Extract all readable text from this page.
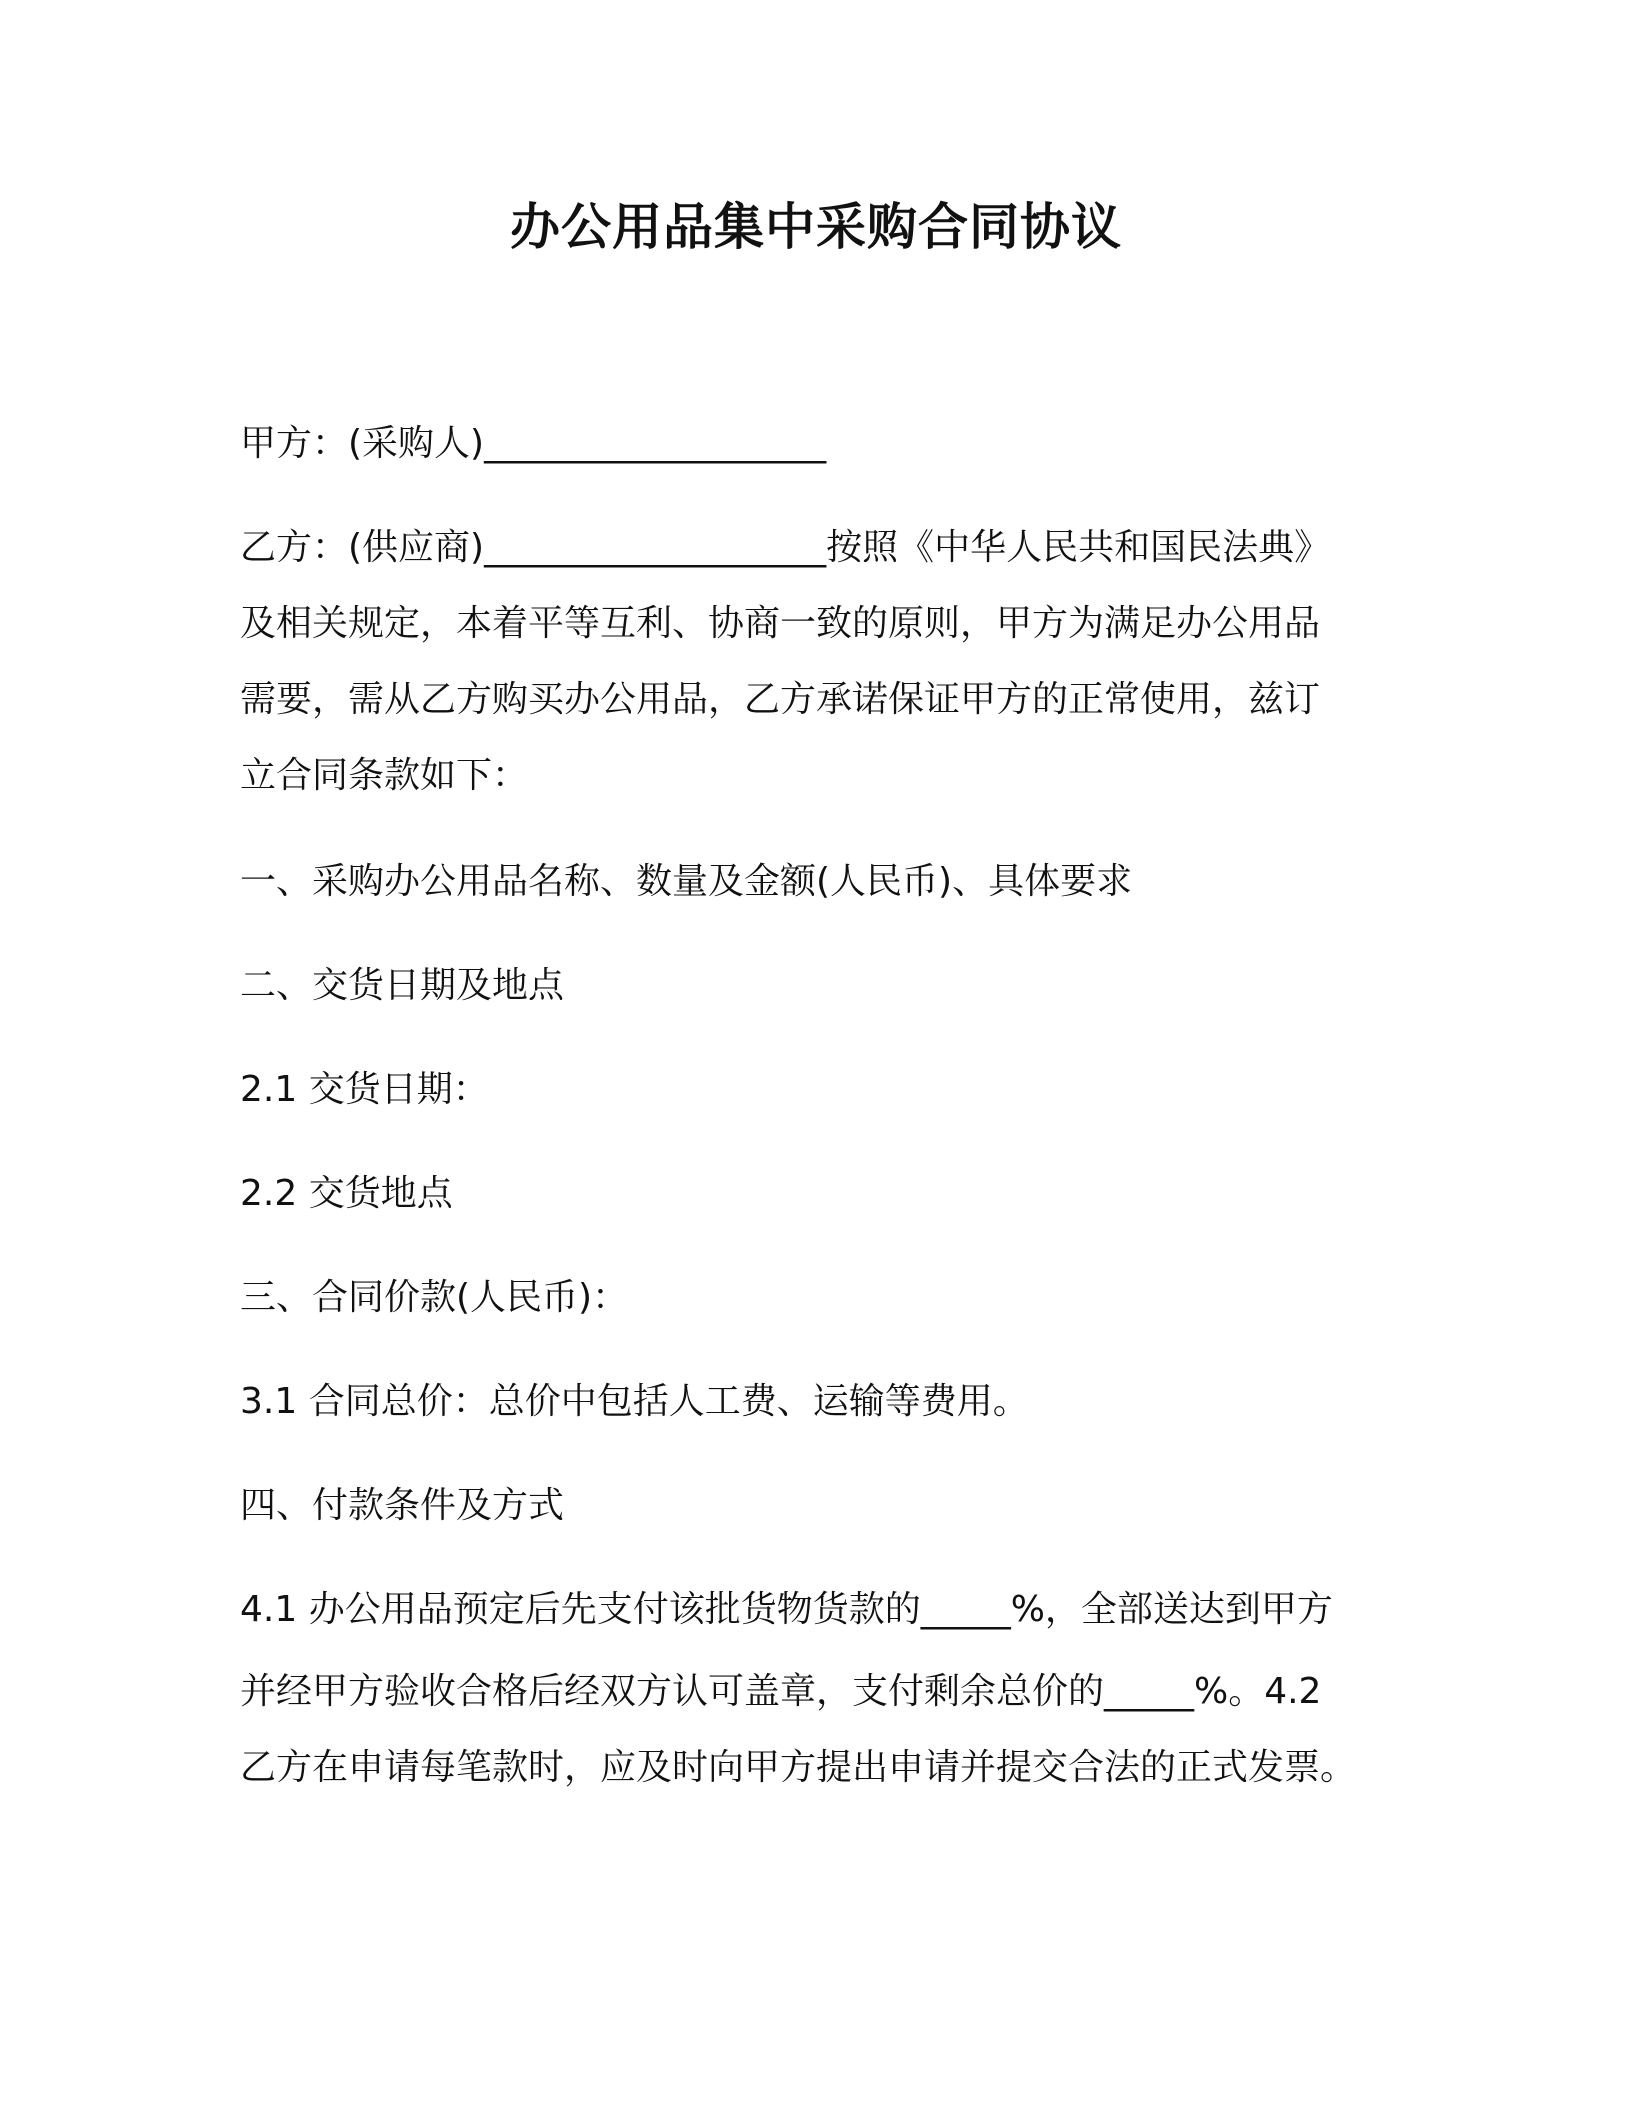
办公用品集中采购合同协议
甲方：(采购人)___________________
乙方：(供应商)___________________按照《中华人民共和国民法典》
及相关规定，本着平等互利、协商一致的原则，甲方为满足办公用品
需要，需从乙方购买办公用品，乙方承诺保证甲方的正常使用，兹订
立合同条款如下：
一、采购办公用品名称、数量及金额(人民币)、具体要求
二、交货日期及地点
2.1 交货日期：
2.2 交货地点
三、合同价款(人民币)：
3.1 合同总价：总价中包括人工费、运输等费用。
四、付款条件及方式
4.1 办公用品预定后先支付该批货物货款的_____%，全部送达到甲方
并经甲方验收合格后经双方认可盖章，支付剩余总价的_____%。4.2
乙方在申请每笔款时，应及时向甲方提出申请并提交合法的正式发票。
